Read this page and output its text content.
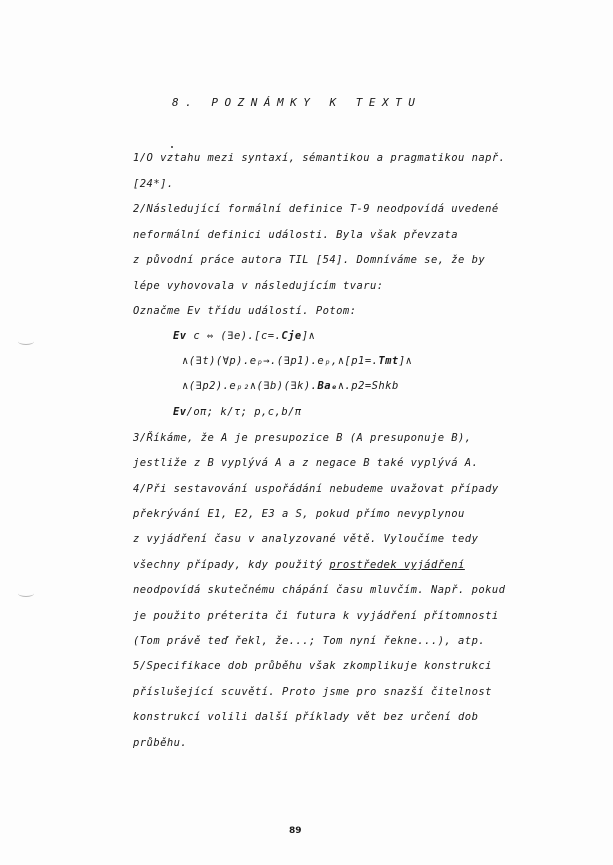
8. POZNÁMKY K TEXTU
1/O vztahu mezi syntaxí, sémantikou a pragmatikou např.
[24*].
2/Následující formální definice T-9 neodpovídá uvedené
neformální definici události. Byla však převzata
z původní práce autora TIL [54]. Domníváme se, že by
lépe vyhovovala v následujícím tvaru:
Označme Ev třídu událostí. Potom:
Ev c ⇔ (∃e).[c=.Cje]∧
∧(∃t)(∀p).eₚ→.(∃p1).eₚ,∧[p1=.Tmt]∧
∧(∃p2).eₚ₂∧(∃b)(∃k).Baₑ∧.p2=Shkb
Ev/oπ; k/τ; p,c,b/π
3/Říkáme, že A je presupozice B (A presuponuje B),
jestliže z B vyplývá A a z negace B také vyplývá A.
4/Při sestavování uspořádání nebudeme uvažovat případy
překrývání E1, E2, E3 a S, pokud přímo nevyplynou
z vyjádření času v analyzované větě. Vyloučíme tedy
všechny případy, kdy použitý prostředek vyjádření
neodpovídá skutečnému chápání času mluvčím. Např. pokud
je použito préterita či futura k vyjádření přítomnosti
(Tom právě teď řekl, že...; Tom nyní řekne...), atp.
5/Specifikace dob průběhu však zkomplikuje konstrukci
příslušející scuvětí. Proto jsme pro snazší čitelnost
konstrukcí volili další příklady vět bez určení dob
průběhu.
89
